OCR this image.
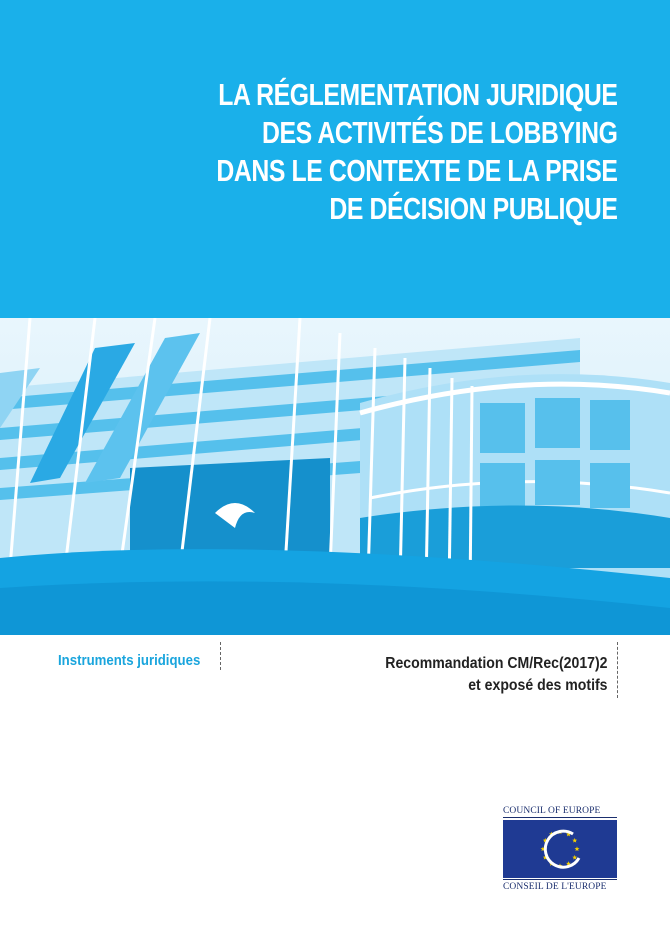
LA RÉGLEMENTATION JURIDIQUE
DES ACTIVITÉS DE LOBBYING
DANS LE CONTEXTE DE LA PRISE
DE DÉCISION PUBLIQUE
Instruments juridiques	Recommandation CM/Rec(2017)2
et exposé des motifs
COUNCIL OF EUROPE
CONSEIL DE L'EUROPE
